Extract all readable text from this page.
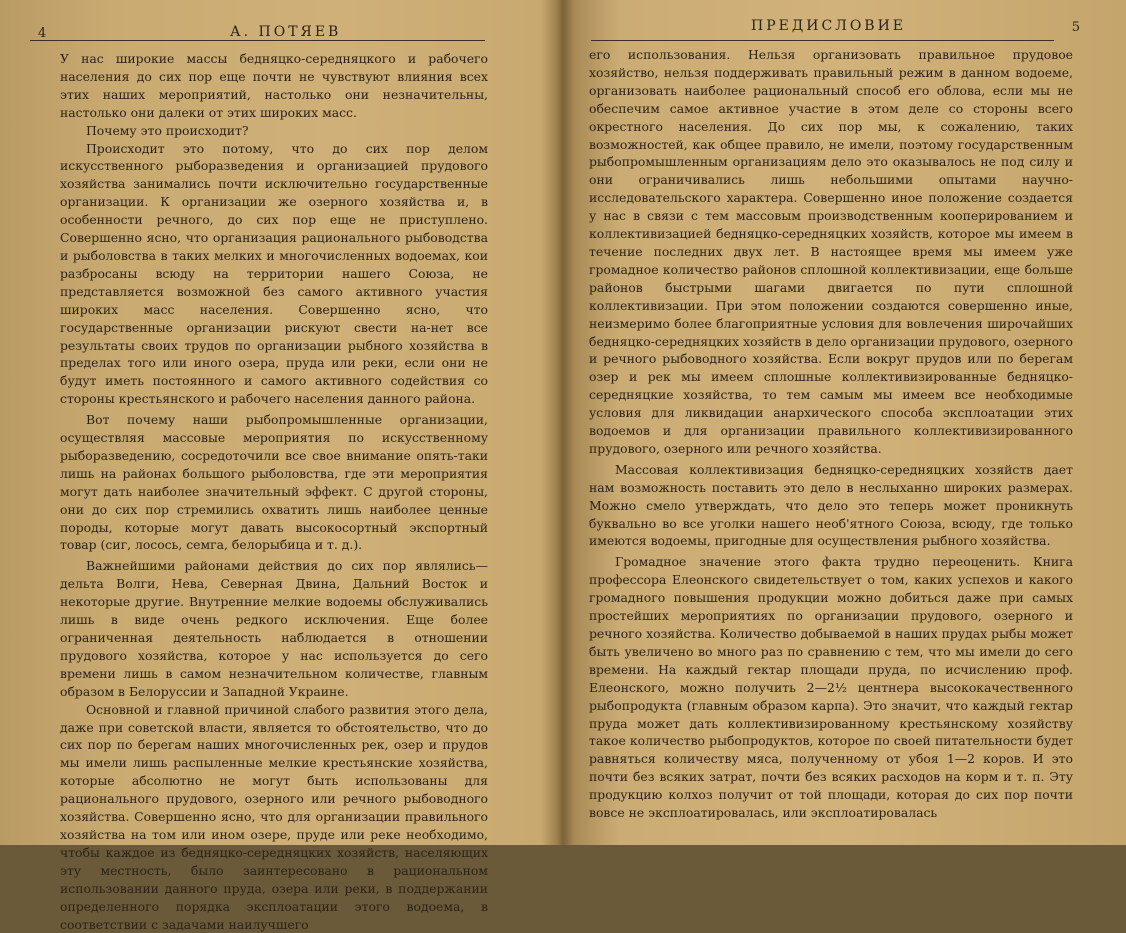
4	А. ПОТЯЕВ

У нас широкие массы бедняцко-середняцкого и рабочего населения до сих пор еще почти не чувствуют влияния всех этих наших мероприятий, настолько они незначительны, настолько они далеки от этих широких масс.

Почему это происходит?

Происходит это потому, что до сих пор делом искусственного рыборазведения и организацией прудового хозяйства занимались почти исключительно государственные организации. К организации же озерного хозяйства и, в особенности речного, до сих пор еще не приступлено. Совершенно ясно, что организация рационального рыбоводства и рыболовства в таких мелких и многочисленных водоемах, кои разбросаны всюду на территории нашего Союза, не представляется возможной без самого активного участия широких масс населения. Совершенно ясно, что государственные организации рискуют свести на-нет все результаты своих трудов по организации рыбного хозяйства в пределах того или иного озера, пруда или реки, если они не будут иметь постоянного и самого активного содействия со стороны крестьянского и рабочего населения данного района.

Вот почему наши рыбопромышленные организации, осуществляя массовые мероприятия по искусственному рыборазведению, сосредоточили все свое внимание опять-таки лишь на районах большого рыболовства, где эти мероприятия могут дать наиболее значительный эффект. С другой стороны, они до сих пор стремились охватить лишь наиболее ценные породы, которые могут давать высокосортный экспортный товар (сиг, лосось, семга, белорыбица и т. д.).

Важнейшими районами действия до сих пор являлись—дельта Волги, Нева, Северная Двина, Дальний Восток и некоторые другие. Внутренние мелкие водоемы обслуживались лишь в виде очень редкого исключения. Еще более ограниченная деятельность наблюдается в отношении прудового хозяйства, которое у нас используется до сего времени лишь в самом незначительном количестве, главным образом в Белоруссии и Западной Украине.

Основной и главной причиной слабого развития этого дела, даже при советской власти, является то обстоятельство, что до сих пор по берегам наших многочисленных рек, озер и прудов мы имели лишь распыленные мелкие крестьянские хозяйства, которые абсолютно не могут быть использованы для рационального прудового, озерного или речного рыбоводного хозяйства. Совершенно ясно, что для организации правильного хозяйства на том или ином озере, пруде или реке необходимо, чтобы каждое из бедняцко-середняцких хозяйств, населяющих эту местность, было заинтересовано в рациональном использовании данного пруда, озера или реки, в поддержании определенного порядка эксплоатации этого водоема, в соответствии с задачами наилучшего

ПРЕДИСЛОВИЕ	5

его использования. Нельзя организовать правильное прудовое хозяйство, нельзя поддерживать правильный режим в данном водоеме, организовать наиболее рациональный способ его облова, если мы не обеспечим самое активное участие в этом деле со стороны всего окрестного населения. До сих пор мы, к сожалению, таких возможностей, как общее правило, не имели, поэтому государственным рыбопромышленным организациям дело это оказывалось не под силу и они ограничивались лишь небольшими опытами научно-исследовательского характера. Совершенно иное положение создается у нас в связи с тем массовым производственным кооперированием и коллективизацией бедняцко-середняцких хозяйств, которое мы имеем в течение последних двух лет. В настоящее время мы имеем уже громадное количество районов сплошной коллективизации, еще больше районов быстрыми шагами двигается по пути сплошной коллективизации. При этом положении создаются совершенно иные, неизмеримо более благоприятные условия для вовлечения широчайших бедняцко-середняцких хозяйств в дело организации прудового, озерного и речного рыбоводного хозяйства. Если вокруг прудов или по берегам озер и рек мы имеем сплошные коллективизированные бедняцко-середняцкие хозяйства, то тем самым мы имеем все необходимые условия для ликвидации анархического способа эксплоатации этих водоемов и для организации правильного коллективизированного прудового, озерного или речного хозяйства.

Массовая коллективизация бедняцко-середняцких хозяйств дает нам возможность поставить это дело в неслыханно широких размерах. Можно смело утверждать, что дело это теперь может проникнуть буквально во все уголки нашего необ'ятного Союза, всюду, где только имеются водоемы, пригодные для осуществления рыбного хозяйства.

Громадное значение этого факта трудно переоценить. Книга профессора Елеонского свидетельствует о том, каких успехов и какого громадного повышения продукции можно добиться даже при самых простейших мероприятиях по организации прудового, озерного и речного хозяйства. Количество добываемой в наших прудах рыбы может быть увеличено во много раз по сравнению с тем, что мы имели до сего времени. На каждый гектар площади пруда, по исчислению проф. Елеонского, можно получить 2—2½ центнера высококачественного рыбопродукта (главным образом карпа). Это значит, что каждый гектар пруда может дать коллективизированному крестьянскому хозяйству такое количество рыбопродуктов, которое по своей питательности будет равняться количеству мяса, полученному от убоя 1—2 коров. И это почти без всяких затрат, почти без всяких расходов на корм и т. п. Эту продукцию колхоз получит от той площади, которая до сих пор почти вовсе не эксплоатировалась, или эксплоатировалась
